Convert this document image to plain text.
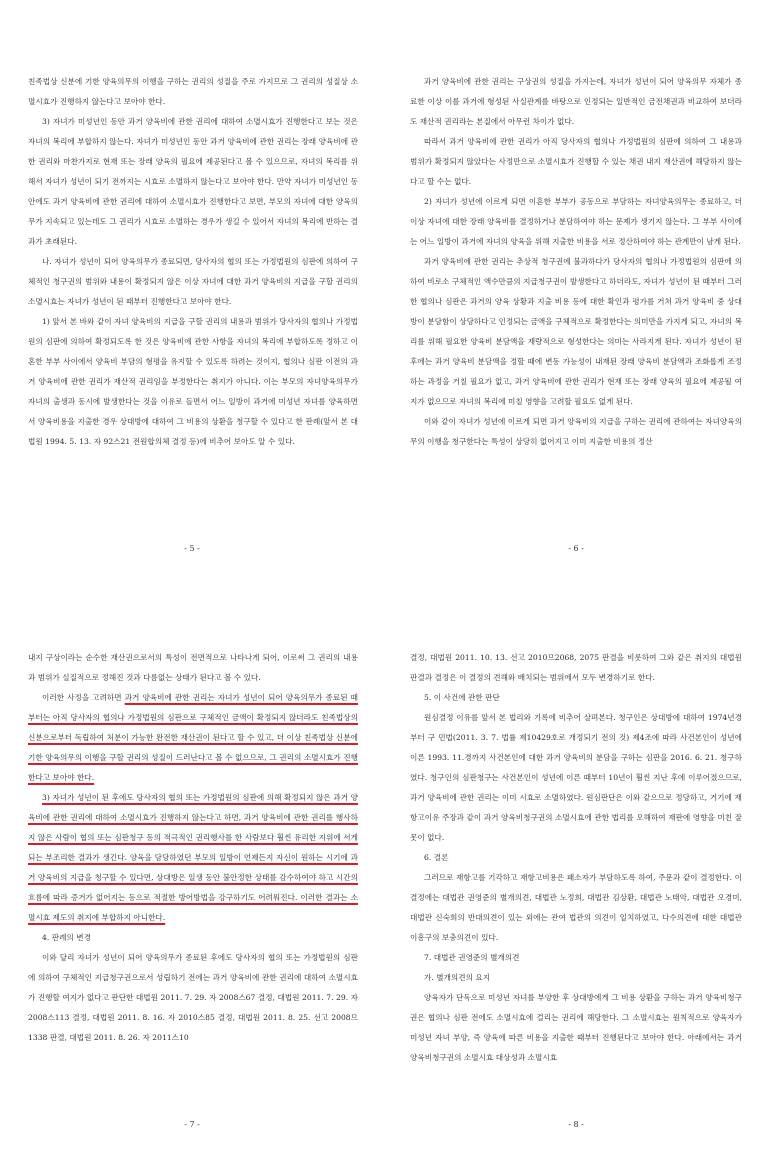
친족법상 신분에 기한 양육의무의 이행을 구하는 권리의 성질을 주로 가지므로 그 권리의 성질상 소멸시효가 진행하지 않는다고 보아야 한다.

3) 자녀가 미성년인 동안 과거 양육비에 관한 권리에 대하여 소멸시효가 진행한다고 보는 것은 자녀의 복리에 부합하지 않는다. 자녀가 미성년인 동안 과거 양육비에 관한 권리는 장래 양육비에 관한 권리와 마찬가지로 현재 또는 장래 양육의 필요에 제공된다고 볼 수 있으므로, 자녀의 복리를 위해서 자녀가 성년이 되기 전까지는 시효로 소멸하지 않는다고 보아야 한다. 만약 자녀가 미성년인 동안에도 과거 양육비에 관한 권리에 대하여 소멸시효가 진행한다고 보면, 부모의 자녀에 대한 양육의무가 지속되고 있는데도 그 권리가 시효로 소멸하는 경우가 생길 수 있어서 자녀의 복리에 반하는 결과가 초래된다.

나. 자녀가 성년이 되어 양육의무가 종료되면, 당사자의 협의 또는 가정법원의 심판에 의하여 구체적인 청구권의 범위와 내용이 확정되지 않은 이상 자녀에 대한 과거 양육비의 지급을 구할 권리의 소멸시효는 자녀가 성년이 된 때부터 진행한다고 보아야 한다.

1) 앞서 본 바와 같이 자녀 양육비의 지급을 구할 권리의 내용과 범위가 당사자의 협의나 가정법원의 심판에 의하여 확정되도록 한 것은 양육비에 관한 사항을 자녀의 복리에 부합하도록 정하고 이혼한 부부 사이에서 양육비 부담의 형평을 유지할 수 있도록 하려는 것이지, 협의나 심판 이전의 과거 양육비에 관한 권리가 재산적 권리임을 부정한다는 취지가 아니다. 이는 부모의 자녀양육의무가 자녀의 출생과 동시에 발생한다는 것을 이유로 들면서 어느 일방이 과거에 미성년 자녀를 양육하면서 양육비용을 지출한 경우 상대방에 대하여 그 비용의 상환을 청구할 수 있다고 한 판례(앞서 본 대법원 1994. 5. 13. 자 92스21 전원합의체 결정 등)에 비추어 보아도 알 수 있다.

- 5 -

과거 양육비에 관한 권리는 구상권의 성질을 가지는데, 자녀가 성년이 되어 양육의무 자체가 종료한 이상 이를 과거에 형성된 사실관계를 바탕으로 인정되는 일반적인 금전채권과 비교하여 보더라도 재산적 권리라는 본질에서 아무런 차이가 없다.

따라서 과거 양육비에 관한 권리가 아직 당사자의 협의나 가정법원의 심판에 의하여 그 내용과 범위가 확정되지 않았다는 사정만으로 소멸시효가 진행할 수 있는 채권 내지 재산권에 해당하지 않는다고 할 수는 없다.

2) 자녀가 성년에 이르게 되면 이혼한 부부가 공동으로 부담하는 자녀양육의무는 종료하고, 더 이상 자녀에 대한 장래 양육비를 결정하거나 분담하여야 하는 문제가 생기지 않는다. 그 부부 사이에는 어느 일방이 과거에 자녀의 양육을 위해 지출한 비용을 서로 정산하여야 하는 관계만이 남게 된다.

과거 양육비에 관한 권리는 추상적 청구권에 불과하다가 당사자의 협의나 가정법원의 심판에 의하여 비로소 구체적인 액수만큼의 지급청구권이 발생한다고 하더라도, 자녀가 성년이 된 때부터 그러한 협의나 심판은 과거의 양육 상황과 지출 비용 등에 대한 확인과 평가를 거쳐 과거 양육비 중 상대방이 분담함이 상당하다고 인정되는 금액을 구체적으로 확정한다는 의미만을 가지게 되고, 자녀의 복리를 위해 필요한 양육비 분담액을 재량적으로 형성한다는 의미는 사라지게 된다. 자녀가 성년이 된 후에는 과거 양육비 분담액을 정할 때에 변동 가능성이 내재된 장래 양육비 분담액과 조화롭게 조정하는 과정을 거칠 필요가 없고, 과거 양육비에 관한 권리가 현재 또는 장래 양육의 필요에 제공될 여지가 없으므로 자녀의 복리에 미칠 영향을 고려할 필요도 없게 된다.

이와 같이 자녀가 성년에 이르게 되면 과거 양육비의 지급을 구하는 권리에 관하여는 자녀양육의무의 이행을 청구한다는 특성이 상당히 없어지고 이미 지출한 비용의 정산

- 6 -

내지 구상이라는 순수한 재산권으로서의 특성이 전면적으로 나타나게 되어, 이로써 그 권리의 내용과 범위가 실질적으로 정해진 것과 다름없는 상태가 된다고 볼 수 있다.

이러한 사정을 고려하면 과거 양육비에 관한 권리는 자녀가 성년이 되어 양육의무가 종료된 때부터는 아직 당사자의 협의나 가정법원의 심판으로 구체적인 금액이 확정되지 않더라도 친족법상의 신분으로부터 독립하여 처분이 가능한 완전한 재산권이 된다고 할 수 있고, 더 이상 친족법상 신분에 기한 양육의무의 이행을 구할 권리의 성질이 드러난다고 볼 수 없으므로, 그 권리의 소멸시효가 진행한다고 보아야 한다.

3) 자녀가 성년이 된 후에도 당사자의 협의 또는 가정법원의 심판에 의해 확정되지 않은 과거 양육비에 관한 권리에 대하여 소멸시효가 진행하지 않는다고 하면, 과거 양육비에 관한 권리를 행사하지 않은 사람이 협의 또는 심판청구 등의 적극적인 권리행사를 한 사람보다 훨씬 유리한 지위에 서게 되는 부조리한 결과가 생긴다. 양육을 담당하였던 부모의 일방이 언제든지 자신이 원하는 시기에 과거 양육비의 지급을 청구할 수 있다면, 상대방은 일생 동안 불안정한 상태를 감수하여야 하고 시간의 흐름에 따라 증거가 없어지는 등으로 적절한 방어방법을 강구하기도 어려워진다. 이러한 결과는 소멸시효 제도의 취지에 부합하지 아니한다.

4. 판례의 변경

이와 달리 자녀가 성년이 되어 양육의무가 종료된 후에도 당사자의 협의 또는 가정법원의 심판에 의하여 구체적인 지급청구권으로서 성립하기 전에는 과거 양육비에 관한 권리에 대하여 소멸시효가 진행할 여지가 없다고 판단한 대법원 2011. 7. 29. 자 2008스67 결정, 대법원 2011. 7. 29. 자 2008스113 결정, 대법원 2011. 8. 16. 자 2010스85 결정, 대법원 2011. 8. 25. 선고 2008므1338 판결, 대법원 2011. 8. 26. 자 2011스10

- 7 -

결정, 대법원 2011. 10. 13. 선고 2010므2068, 2075 판결을 비롯하여 그와 같은 취지의 대법원판결과 결정은 이 결정의 견해와 배치되는 범위에서 모두 변경하기로 한다.

5. 이 사건에 관한 판단

원심결정 이유를 앞서 본 법리와 기록에 비추어 살펴본다. 청구인은 상대방에 대하여 1974년경부터 구 민법(2011. 3. 7. 법률 제10429호로 개정되기 전의 것) 제4조에 따라 사건본인이 성년에 이른 1993. 11.경까지 사건본인에 대한 과거 양육비의 분담을 구하는 심판을 2016. 6. 21. 청구하였다. 청구인의 심판청구는 사건본인이 성년에 이른 때부터 10년이 훨씬 지난 후에 이루어졌으므로, 과거 양육비에 관한 권리는 이미 시효로 소멸하였다. 원심판단은 이와 같으므로 정당하고, 거기에 재항고이유 주장과 같이 과거 양육비청구권의 소멸시효에 관한 법리를 오해하여 재판에 영향을 미친 잘못이 없다.

6. 결론

그러므로 재항고를 기각하고 재항고비용은 패소자가 부담하도록 하여, 주문과 같이 결정한다. 이 결정에는 대법관 권영준의 별개의견, 대법관 노정희, 대법관 김상환, 대법관 노태악, 대법관 오경미, 대법관 신숙희의 반대의견이 있는 외에는 관여 법관의 의견이 일치하였고, 다수의견에 대한 대법관 이흥구의 보충의견이 있다.

7. 대법관 권영준의 별개의견

가. 별개의견의 요지

양육자가 단독으로 미성년 자녀를 부양한 후 상대방에게 그 비용 상환을 구하는 과거 양육비청구권은 협의나 심판 전에도 소멸시효에 걸리는 권리에 해당한다. 그 소멸시효는 원칙적으로 양육자가 미성년 자녀 부양, 즉 양육에 따른 비용을 지출한 때부터 진행된다고 보아야 한다. 아래에서는 과거 양육비청구권의 소멸시효 대상성과 소멸시효

- 8 -
